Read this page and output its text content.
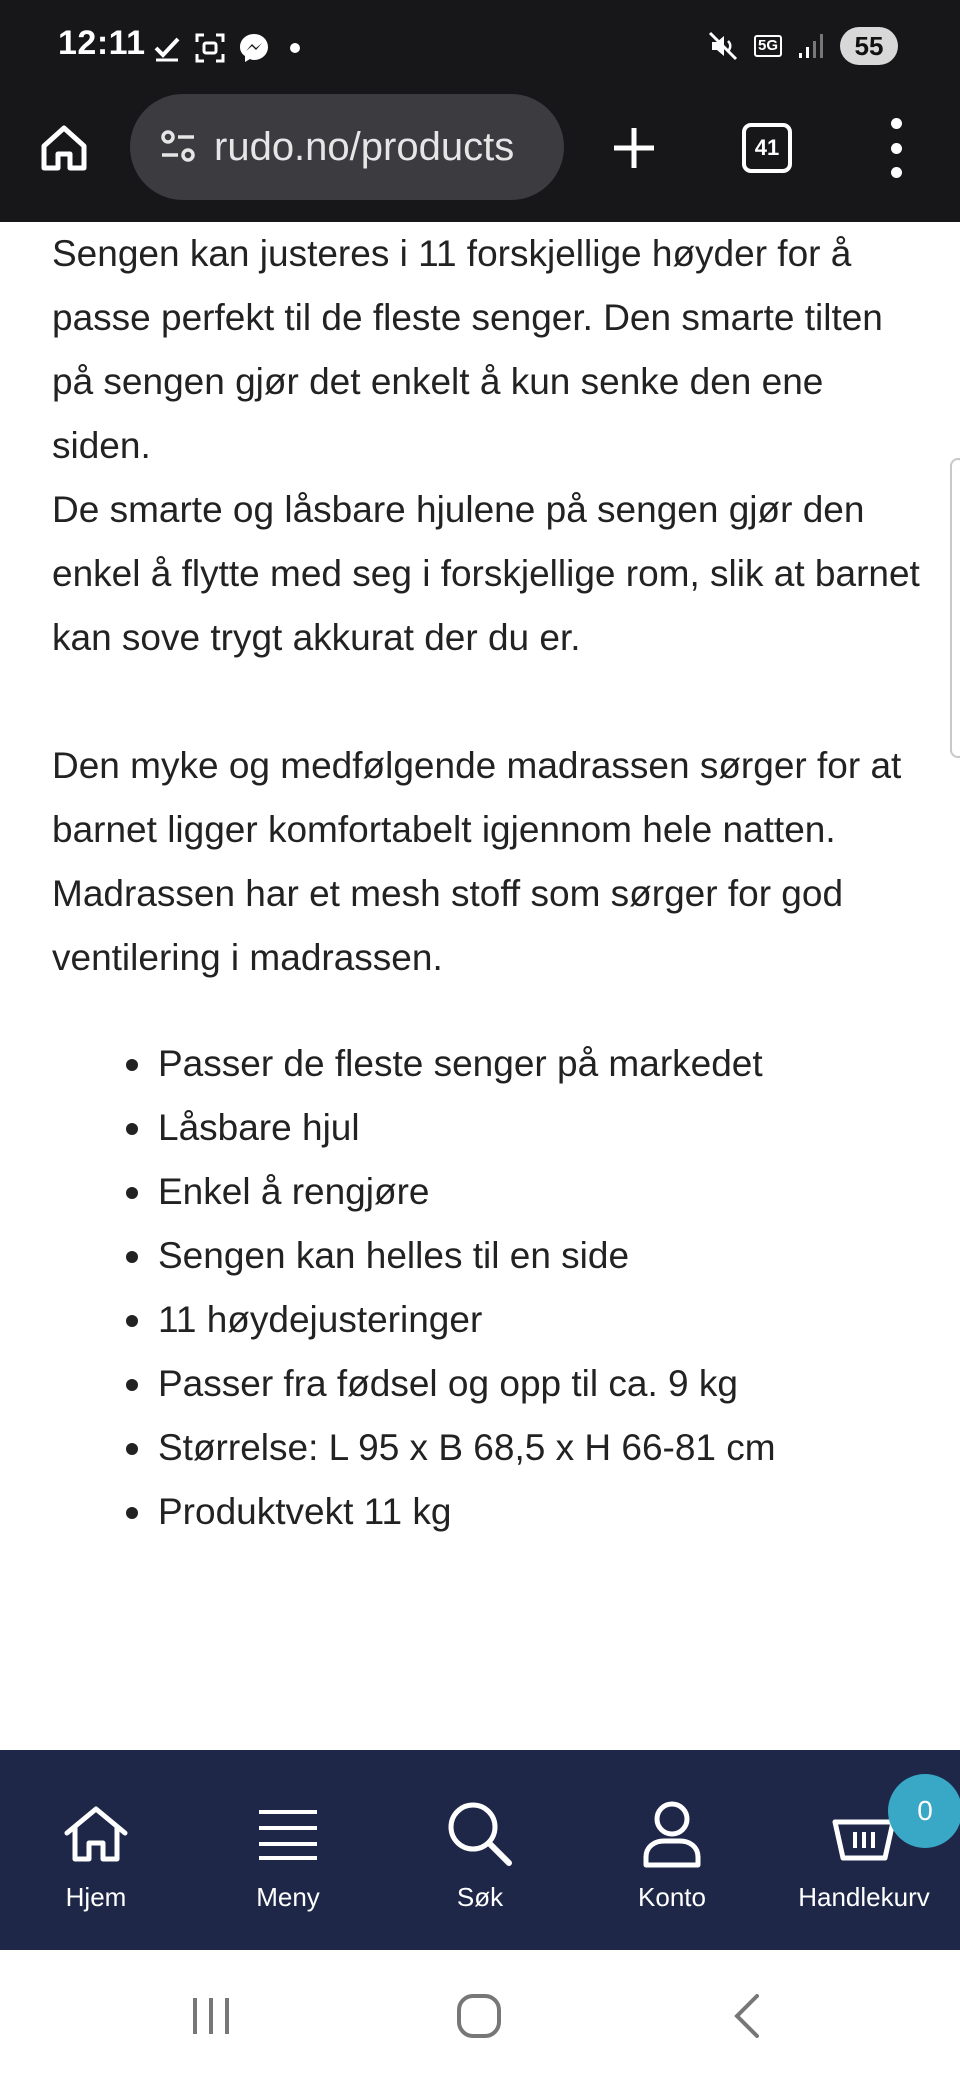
12:11	5G	55
rudo.no/products	41

Sengen kan justeres i 11 forskjellige høyder for å passe perfekt til de fleste senger. Den smarte tilten på sengen gjør det enkelt å kun senke den ene siden.

De smarte og låsbare hjulene på sengen gjør den enkel å flytte med seg i forskjellige rom, slik at barnet kan sove trygt akkurat der du er.

Den myke og medfølgende madrassen sørger for at barnet ligger komfortabelt igjennom hele natten.

Madrassen har et mesh stoff som sørger for god ventilering i madrassen.

Passer de fleste senger på markedet
Låsbare hjul
Enkel å rengjøre
Sengen kan helles til en side
11 høydejusteringer
Passer fra fødsel og opp til ca. 9 kg
Størrelse: L 95 x B 68,5 x H 66-81 cm
Produktvekt 11 kg
Hjem	Meny	Søk	Konto	Handlekurv
0
